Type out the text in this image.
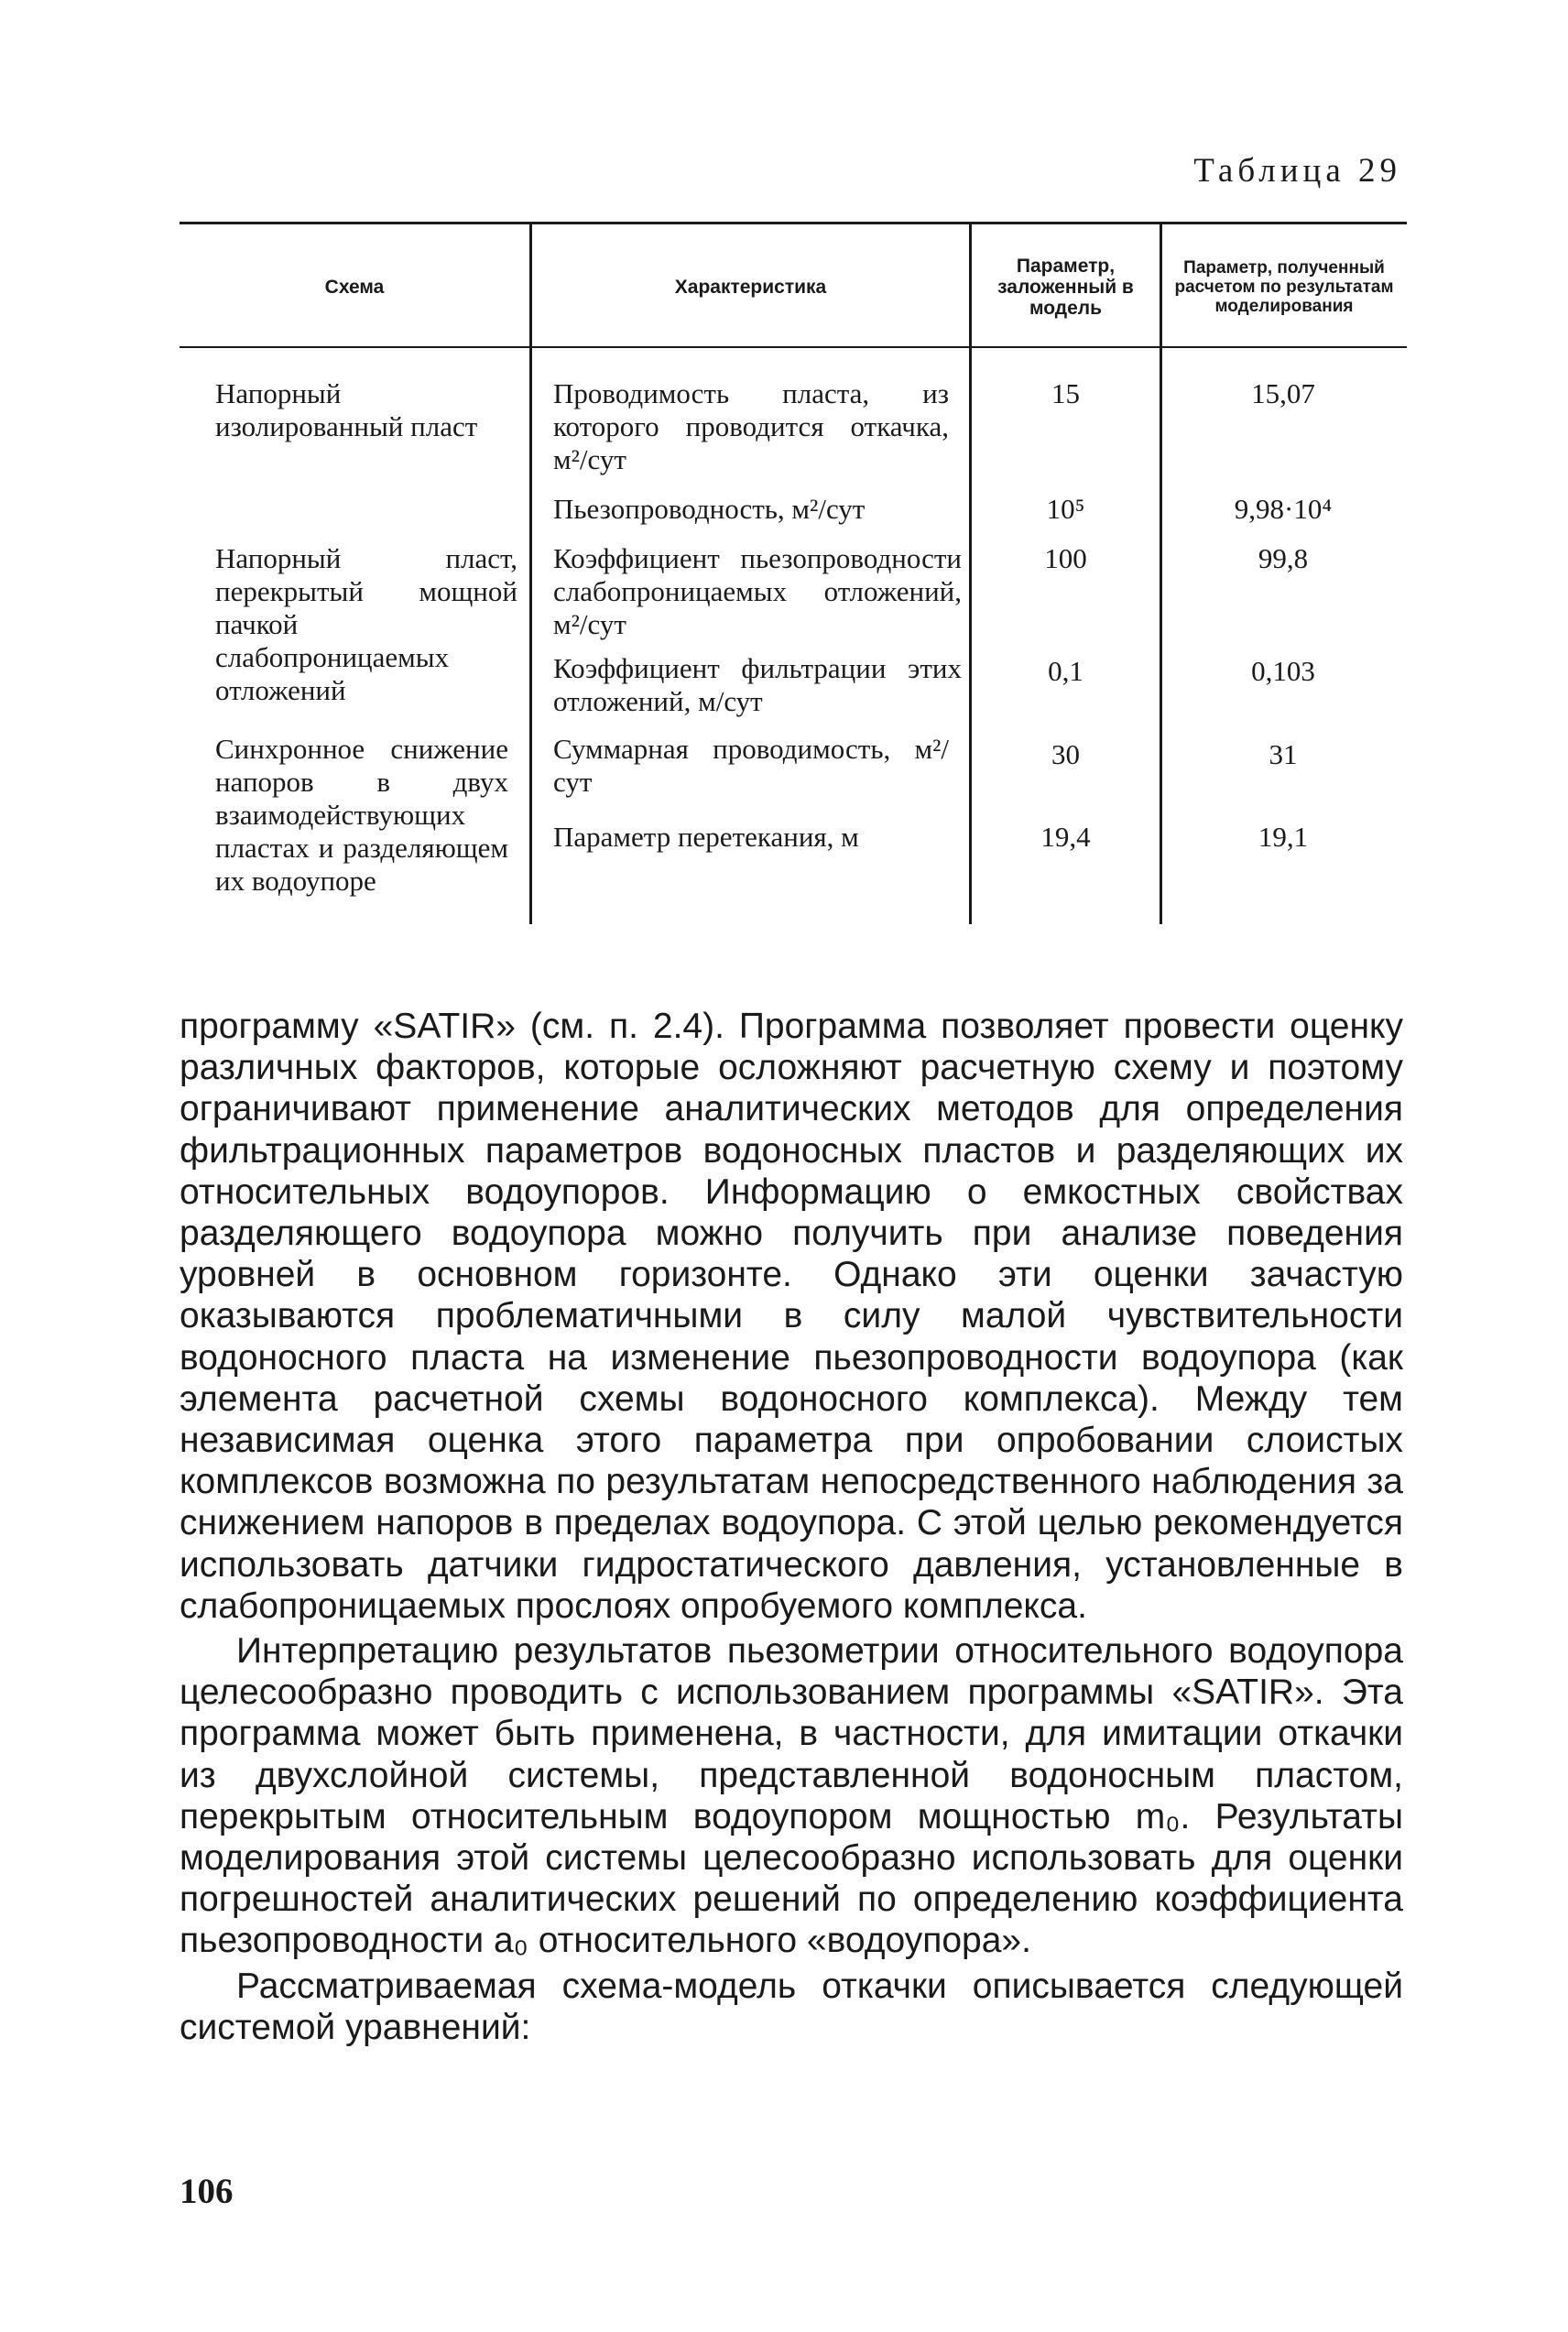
Таблица 29
Схема	Характеристика
Параметр, заложенный в модель
Параметр, полученный расчетом по результатам моделирования
Напорный изолированный пласт
Напорный пласт, перекрытый мощной пачкой слабопроницаемых отложений
Синхронное снижение напоров в двух взаимодействующих пластах и разделяющем их водоупоре
Проводимость пласта, из которого проводится откачка, м²/сут
Пьезопроводность, м²/сут
Коэффициент пьезопроводности слабопроницаемых отложений, м²/сут
Коэффициент фильтрации этих отложений, м/сут
Суммарная проводимость, м²/сут
Параметр перетекания, м
15
10⁵
100
0,1
30
19,4
15,07
9,98·10⁴
99,8
0,103
31
19,1

программу «SATIR» (см. п. 2.4). Программа позволяет провести оценку различных факторов, которые осложняют расчетную схему и поэтому ограничивают применение аналитических методов для определения фильтрационных параметров водоносных пластов и разделяющих их относительных водоупоров. Информацию о емкостных свойствах разделяющего водоупора можно получить при анализе поведения уровней в основном горизонте. Однако эти оценки зачастую оказываются проблематичными в силу малой чувствительности водоносного пласта на изменение пьезопроводности водоупора (как элемента расчетной схемы водоносного комплекса). Между тем независимая оценка этого параметра при опробовании слоистых комплексов возможна по результатам непосредственного наблюдения за снижением напоров в пределах водоупора. С этой целью рекомендуется использовать датчики гидростатического давления, установленные в слабопроницаемых прослоях опробуемого комплекса.

Интерпретацию результатов пьезометрии относительного водоупора целесообразно проводить с использованием программы «SATIR». Эта программа может быть применена, в частности, для имитации откачки из двухслойной системы, представленной водоносным пластом, перекрытым относительным водоупором мощностью m₀. Результаты моделирования этой системы целесообразно использовать для оценки погрешностей аналитических решений по определению коэффициента пьезопроводности a₀ относительного «водоупора».

Рассматриваемая схема-модель откачки описывается следующей системой уравнений:

106
